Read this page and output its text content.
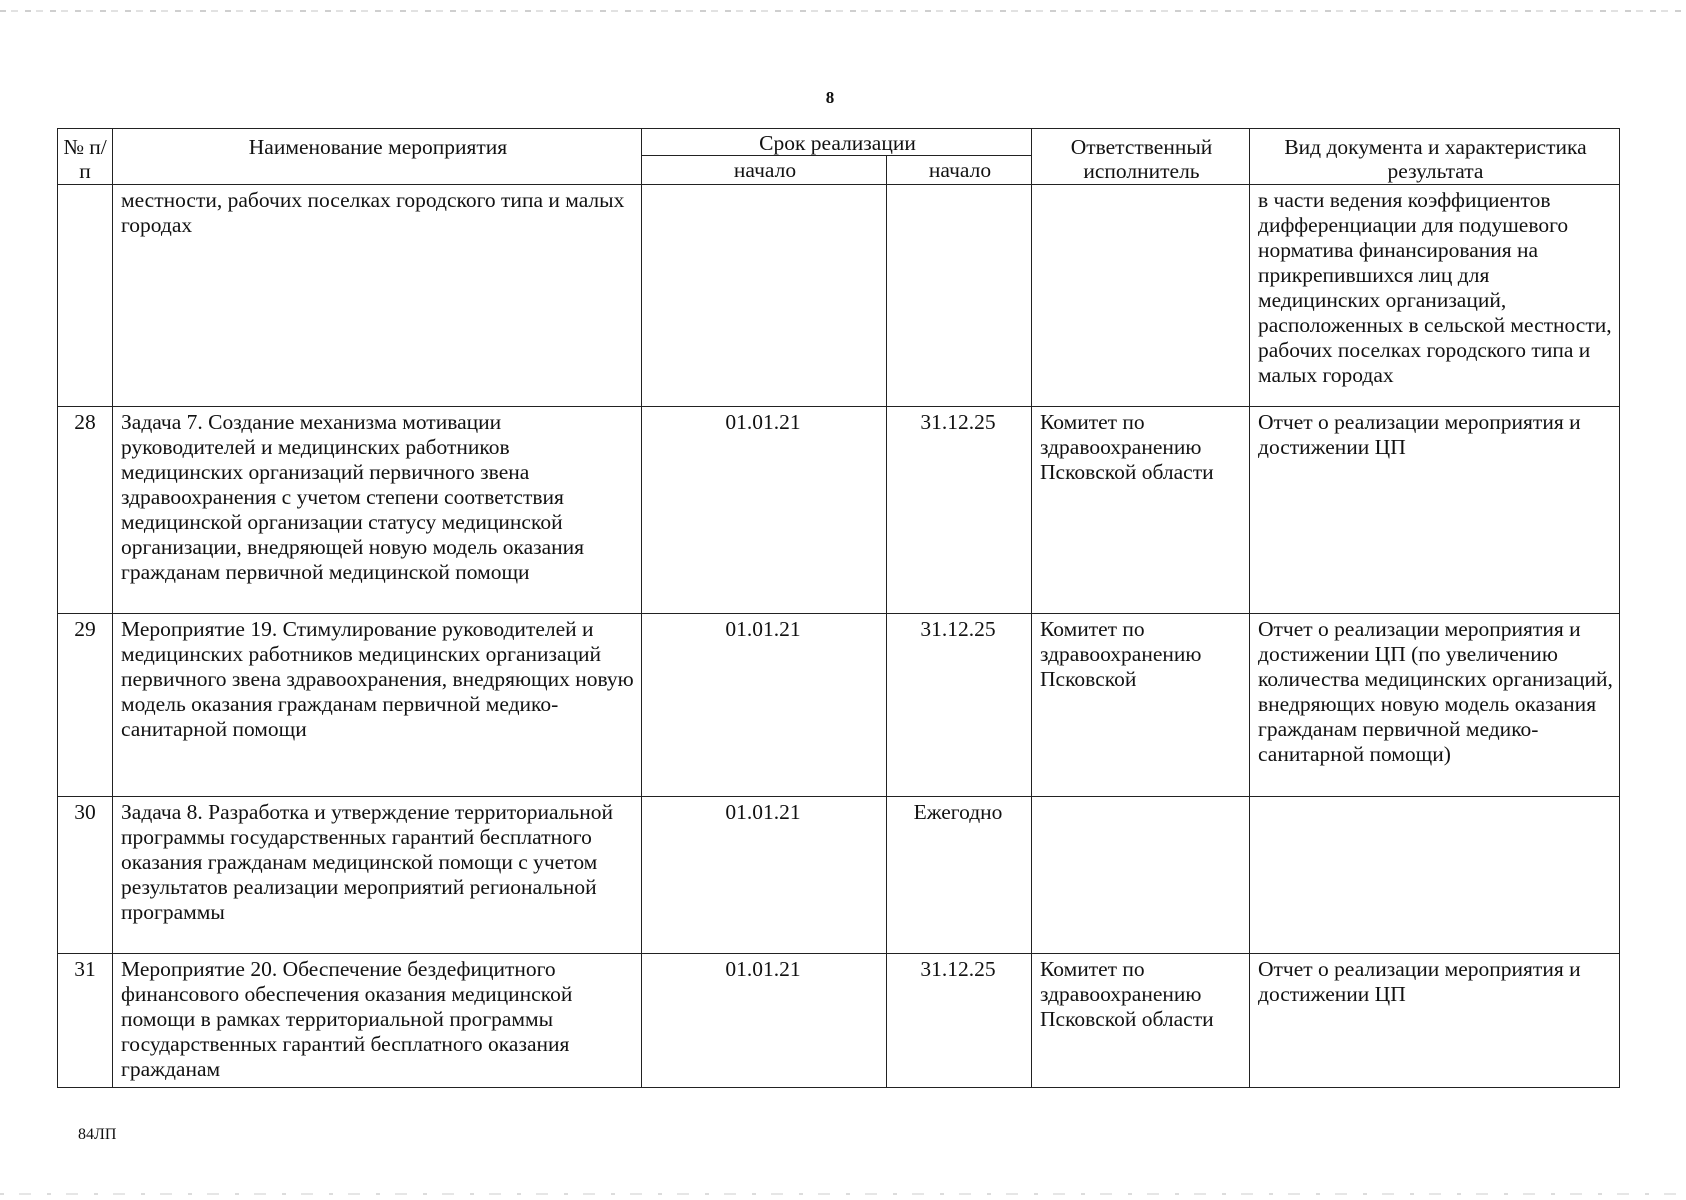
8
№ п/п	Наименование мероприятия	Срок реализации		Ответственный исполнитель	Вид документа и характеристика результата
		начало	начало		
	местности, рабочих поселках городского типа и малых городах				в части ведения коэффициентов дифференциации для подушевого норматива финансирования на прикрепившихся лиц для медицинских организаций, расположенных в сельской местности, рабочих поселках городского типа и малых городах
28	Задача 7. Создание механизма мотивации руководителей и медицинских работников медицинских организаций первичного звена здравоохранения с учетом степени соответствия медицинской организации статусу медицинской организации, внедряющей новую модель оказания гражданам первичной медицинской помощи	01.01.21	31.12.25	Комитет по здравоохранению Псковской области	Отчет о реализации мероприятия и достижении ЦП
29	Мероприятие 19. Стимулирование руководителей и медицинских работников медицинских организаций первичного звена здравоохранения, внедряющих новую модель оказания гражданам первичной медико-санитарной помощи	01.01.21	31.12.25	Комитет по здравоохранению Псковской	Отчет о реализации мероприятия и достижении ЦП (по увеличению количества медицинских организаций, внедряющих новую модель оказания гражданам первичной медико-санитарной помощи)
30	Задача 8. Разработка и утверждение территориальной программы государственных гарантий бесплатного оказания гражданам медицинской помощи с учетом результатов реализации мероприятий региональной программы	01.01.21	Ежегодно		
31	Мероприятие 20. Обеспечение бездефицитного финансового обеспечения оказания медицинской помощи в рамках территориальной программы государственных гарантий бесплатного оказания гражданам	01.01.21	31.12.25	Комитет по здравоохранению Псковской области	Отчет о реализации мероприятия и достижении ЦП
84ЛП
